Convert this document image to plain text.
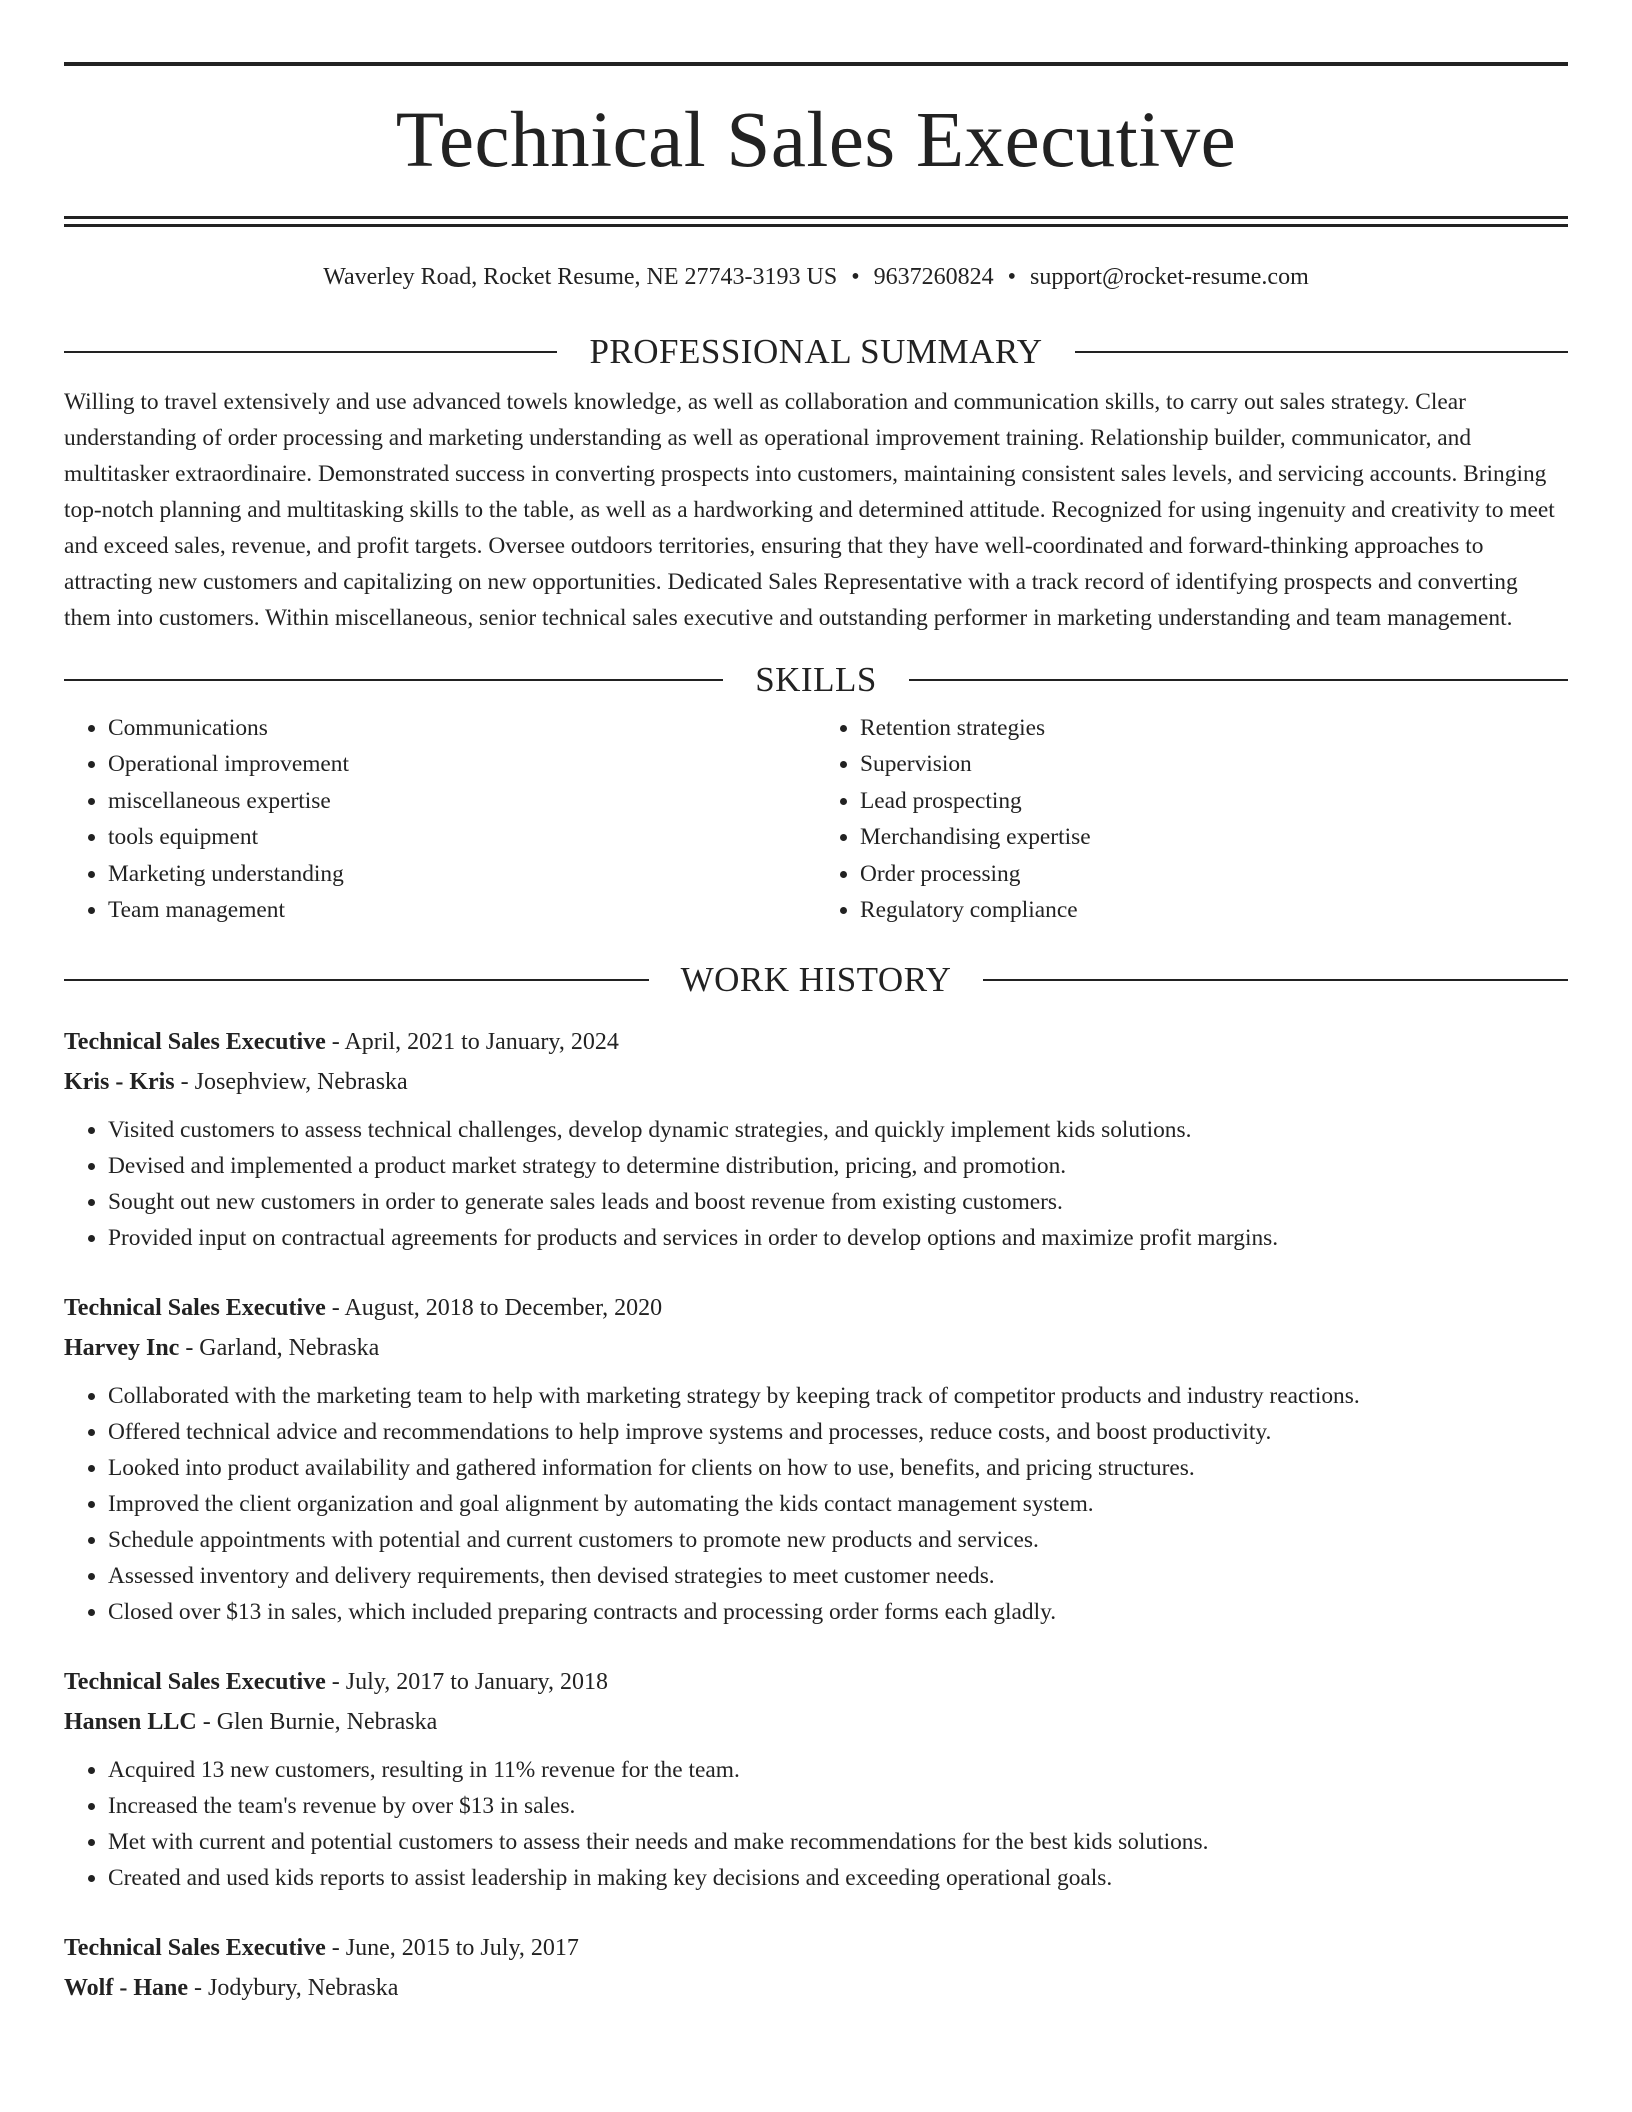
Technical Sales Executive
Waverley Road, Rocket Resume, NE 27743-3193 US • 9637260824 • support@rocket-resume.com
PROFESSIONAL SUMMARY
Willing to travel extensively and use advanced towels knowledge, as well as collaboration and communication skills, to carry out sales strategy. Clear understanding of order processing and marketing understanding as well as operational improvement training. Relationship builder, communicator, and multitasker extraordinaire. Demonstrated success in converting prospects into customers, maintaining consistent sales levels, and servicing accounts. Bringing top-notch planning and multitasking skills to the table, as well as a hardworking and determined attitude. Recognized for using ingenuity and creativity to meet and exceed sales, revenue, and profit targets. Oversee outdoors territories, ensuring that they have well-coordinated and forward-thinking approaches to attracting new customers and capitalizing on new opportunities. Dedicated Sales Representative with a track record of identifying prospects and converting them into customers. Within miscellaneous, senior technical sales executive and outstanding performer in marketing understanding and team management.
SKILLS
• Communications
• Operational improvement
• miscellaneous expertise
• tools equipment
• Marketing understanding
• Team management
• Retention strategies
• Supervision
• Lead prospecting
• Merchandising expertise
• Order processing
• Regulatory compliance
WORK HISTORY
Technical Sales Executive - April, 2021 to January, 2024
Kris - Kris - Josephview, Nebraska
• Visited customers to assess technical challenges, develop dynamic strategies, and quickly implement kids solutions.
• Devised and implemented a product market strategy to determine distribution, pricing, and promotion.
• Sought out new customers in order to generate sales leads and boost revenue from existing customers.
• Provided input on contractual agreements for products and services in order to develop options and maximize profit margins.
Technical Sales Executive - August, 2018 to December, 2020
Harvey Inc - Garland, Nebraska
• Collaborated with the marketing team to help with marketing strategy by keeping track of competitor products and industry reactions.
• Offered technical advice and recommendations to help improve systems and processes, reduce costs, and boost productivity.
• Looked into product availability and gathered information for clients on how to use, benefits, and pricing structures.
• Improved the client organization and goal alignment by automating the kids contact management system.
• Schedule appointments with potential and current customers to promote new products and services.
• Assessed inventory and delivery requirements, then devised strategies to meet customer needs.
• Closed over $13 in sales, which included preparing contracts and processing order forms each gladly.
Technical Sales Executive - July, 2017 to January, 2018
Hansen LLC - Glen Burnie, Nebraska
• Acquired 13 new customers, resulting in 11% revenue for the team.
• Increased the team's revenue by over $13 in sales.
• Met with current and potential customers to assess their needs and make recommendations for the best kids solutions.
• Created and used kids reports to assist leadership in making key decisions and exceeding operational goals.
Technical Sales Executive - June, 2015 to July, 2017
Wolf - Hane - Jodybury, Nebraska
